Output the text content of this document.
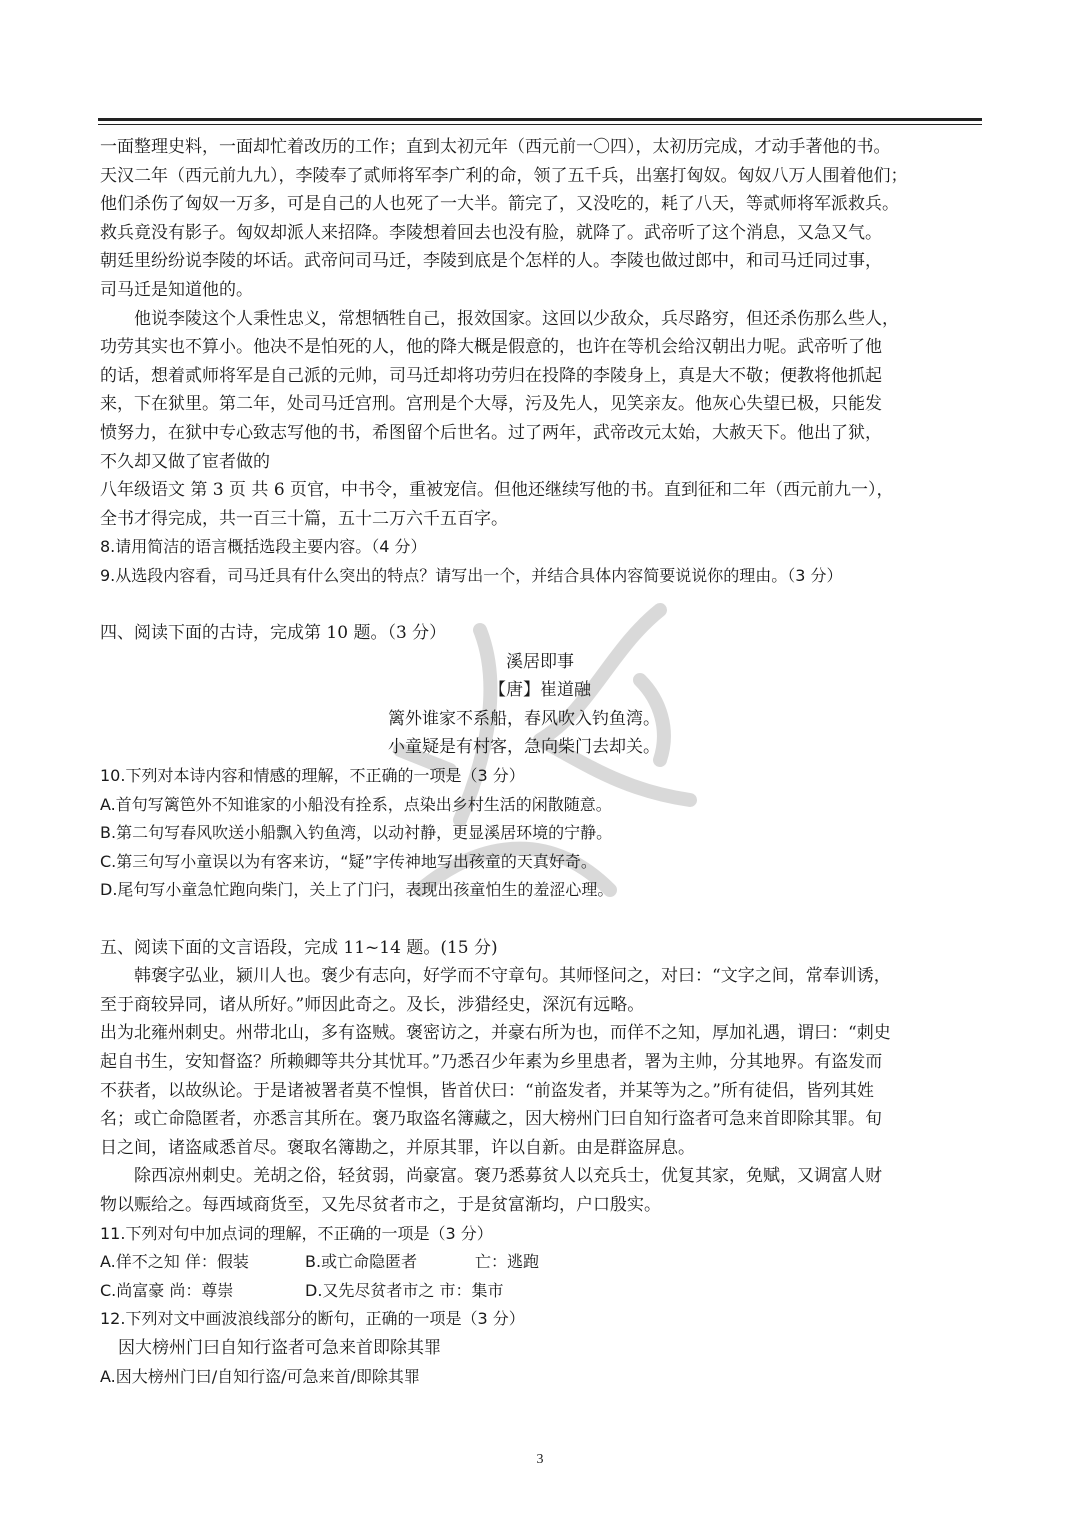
一面整理史料，一面却忙着改历的工作；直到太初元年（西元前一〇四），太初历完成，才动手著他的书。
天汉二年（西元前九九），李陵奉了贰师将军李广利的命，领了五千兵，出塞打匈奴。匈奴八万人围着他们；
他们杀伤了匈奴一万多，可是自己的人也死了一大半。箭完了，又没吃的，耗了八天，等贰师将军派救兵。
救兵竟没有影子。匈奴却派人来招降。李陵想着回去也没有脸，就降了。武帝听了这个消息，又急又气。
朝廷里纷纷说李陵的坏话。武帝问司马迁，李陵到底是个怎样的人。李陵也做过郎中，和司马迁同过事，
司马迁是知道他的。
他说李陵这个人秉性忠义，常想牺牲自己，报效国家。这回以少敌众，兵尽路穷，但还杀伤那么些人，
功劳其实也不算小。他决不是怕死的人，他的降大概是假意的，也许在等机会给汉朝出力呢。武帝听了他
的话，想着贰师将军是自己派的元帅，司马迁却将功劳归在投降的李陵身上，真是大不敬；便教将他抓起
来，下在狱里。第二年，处司马迁宫刑。宫刑是个大辱，污及先人，见笑亲友。他灰心失望已极，只能发
愤努力，在狱中专心致志写他的书，希图留个后世名。过了两年，武帝改元太始，大赦天下。他出了狱，
不久却又做了宦者做的
八年级语文 第 3 页 共 6 页官，中书令，重被宠信。但他还继续写他的书。直到征和二年（西元前九一），
全书才得完成，共一百三十篇，五十二万六千五百字。
8.请用简洁的语言概括选段主要内容。（4 分）
9.从选段内容看，司马迁具有什么突出的特点？请写出一个，并结合具体内容简要说说你的理由。（3 分）
四、阅读下面的古诗，完成第 10 题。（3 分）
溪居即事
【唐】崔道融
篱外谁家不系船，春风吹入钓鱼湾。
小童疑是有村客，急向柴门去却关。
10.下列对本诗内容和情感的理解，不正确的一项是（3 分）
A.首句写篱笆外不知谁家的小船没有拴系，点染出乡村生活的闲散随意。
B.第二句写春风吹送小船飘入钓鱼湾，以动衬静，更显溪居环境的宁静。
C.第三句写小童误以为有客来访，“疑”字传神地写出孩童的天真好奇。
D.尾句写小童急忙跑向柴门，关上了门闩，表现出孩童怕生的羞涩心理。
五、阅读下面的文言语段，完成 11~14 题。(15 分)
韩褒字弘业，颍川人也。褒少有志向，好学而不守章句。其师怪问之，对曰：“文字之间，常奉训诱，
至于商较异同，诸从所好。”师因此奇之。及长，涉猎经史，深沉有远略。
出为北雍州刺史。州带北山，多有盗贼。褒密访之，并豪右所为也，而佯不之知，厚加礼遇，谓曰：“刺史
起自书生，安知督盗？所赖卿等共分其忧耳。”乃悉召少年素为乡里患者，署为主帅，分其地界。有盗发而
不获者，以故纵论。于是诸被署者莫不惶惧，皆首伏曰：“前盗发者，并某等为之。”所有徒侣，皆列其姓
名；或亡命隐匿者，亦悉言其所在。褒乃取盗名簿藏之，因大榜州门曰自知行盗者可急来首即除其罪。旬
日之间，诸盗咸悉首尽。褒取名簿勘之，并原其罪，许以自新。由是群盗屏息。
除西凉州刺史。羌胡之俗，轻贫弱，尚豪富。褒乃悉募贫人以充兵士，优复其家，免赋，又调富人财
物以赈给之。每西域商货至，又先尽贫者市之，于是贫富渐均，户口殷实。
11.下列对句中加点词的理解，不正确的一项是（3 分）
A.佯不之知 佯：假装	B.或亡命隐匿者	亡：逃跑
C.尚富豪 尚：尊崇	D.又先尽贫者市之 市：集市
12.下列对文中画波浪线部分的断句，正确的一项是（3 分）
因大榜州门曰自知行盗者可急来首即除其罪
A.因大榜州门曰/自知行盗/可急来首/即除其罪
3
